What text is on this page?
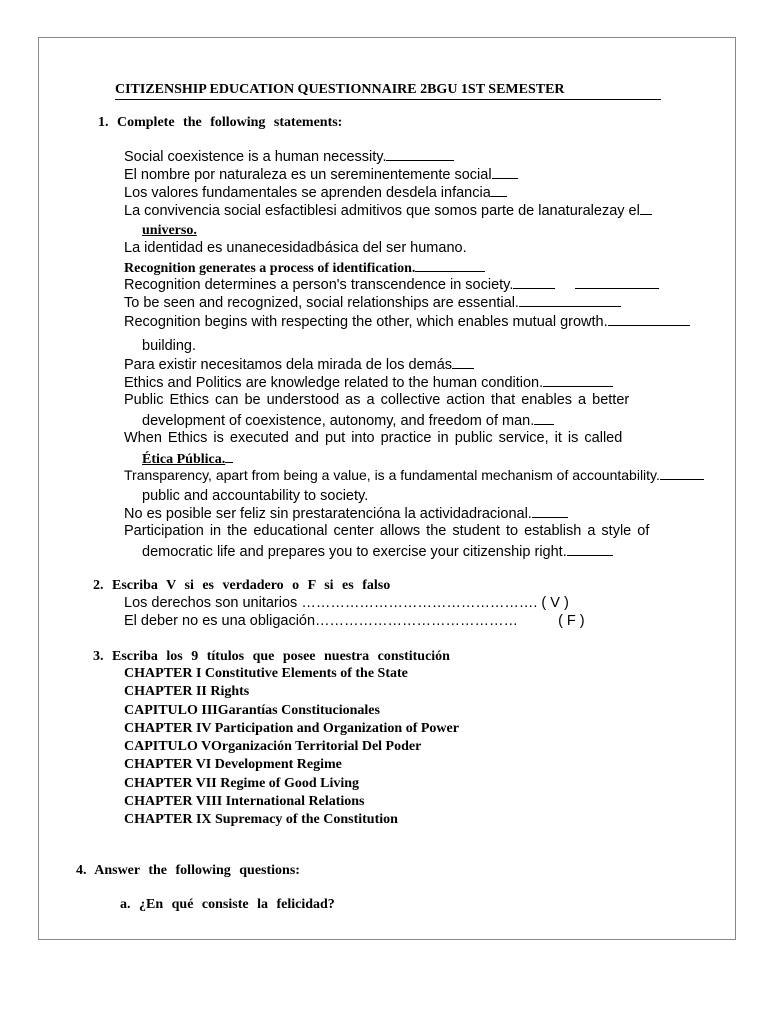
CITIZENSHIP EDUCATION QUESTIONNAIRE 2BGU 1ST SEMESTER
1. Complete the following statements:
Social coexistence is a human necessity.
El nombre por naturaleza es un sereminentemente social
Los valores fundamentales se aprenden desdela infancia
La convivencia social esfactiblesi admitivos que somos parte de lanaturalezay el
universo.
La identidad es unanecesidadbásica del ser humano.
Recognition generates a process of identification.
Recognition determines a person's transcendence in society.
To be seen and recognized, social relationships are essential.
Recognition begins with respecting the other, which enables mutual growth.
building.
Para existir necesitamos dela mirada de los demás
Ethics and Politics are knowledge related to the human condition.
Public Ethics can be understood as a collective action that enables a better
development of coexistence, autonomy, and freedom of man.
When Ethics is executed and put into practice in public service, it is called
Ética Pública.
Transparency, apart from being a value, is a fundamental mechanism of accountability.
public and accountability to society.
No es posible ser feliz sin prestaratencióna la actividadracional.
Participation in the educational center allows the student to establish a style of
democratic life and prepares you to exercise your citizenship right.
2. Escriba V si es verdadero o F si es falso
Los derechos son unitarios …………………………………………. ( V )
El deber no es una obligación……………………………………	( F )
3. Escriba los 9 títulos que posee nuestra constitución
CHAPTER I Constitutive Elements of the State
CHAPTER II Rights
CAPITULO IIIGarantías Constitucionales
CHAPTER IV Participation and Organization of Power
CAPITULO VOrganización Territorial Del Poder
CHAPTER VI Development Regime
CHAPTER VII Regime of Good Living
CHAPTER VIII International Relations
CHAPTER IX Supremacy of the Constitution
4. Answer the following questions:
a. ¿En qué consiste la felicidad?
